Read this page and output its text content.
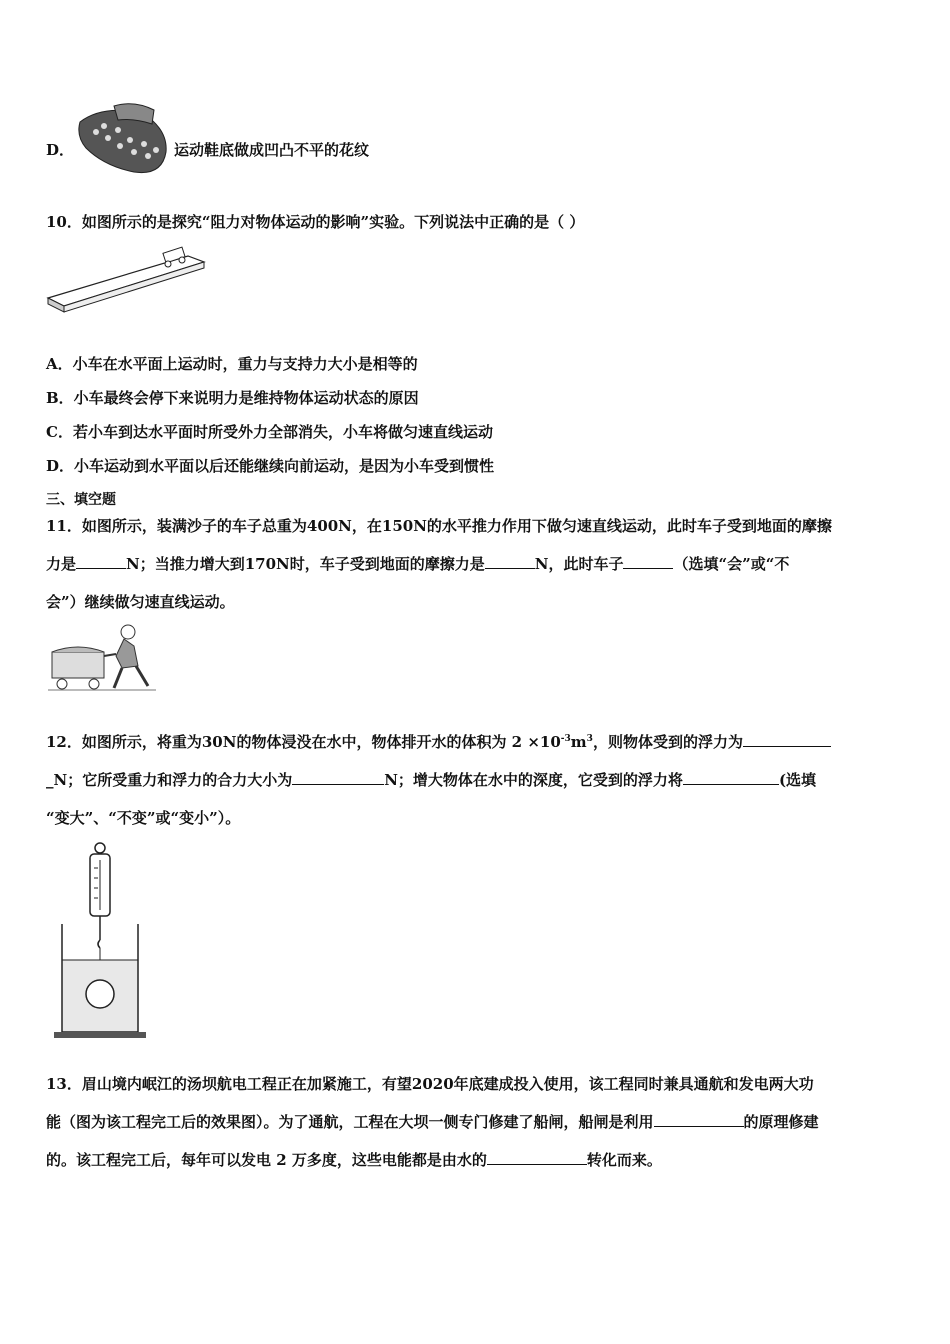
D．	运动鞋底做成凹凸不平的花纹
10．如图所示的是探究“阻力对物体运动的影响”实验。下列说法中正确的是（ ）
A．小车在水平面上运动时，重力与支持力大小是相等的
B．小车最终会停下来说明力是维持物体运动状态的原因
C．若小车到达水平面时所受外力全部消失，小车将做匀速直线运动
D．小车运动到水平面以后还能继续向前运动，是因为小车受到惯性
三、填空题
11．如图所示，装满沙子的车子总重为400N，在150N的水平推力作用下做匀速直线运动，此时车子受到地面的摩擦
力是	N；当推力增大到170N时，车子受到地面的摩擦力是	N，此时车子	（选填“会”或“不
会”）继续做匀速直线运动。
12．如图所示，将重为30N的物体浸没在水中，物体排开水的体积为 $2 \times 10^{-3}m^3$，则物体受到的浮力为
_N；它所受重力和浮力的合力大小为	N；增大物体在水中的深度，它受到的浮力将	(选填
“变大”、“不变”或“变小”）。
13．眉山境内岷江的汤坝航电工程正在加紧施工，有望2020年底建成投入使用，该工程同时兼具通航和发电两大功
能（图为该工程完工后的效果图）。为了通航，工程在大坝一侧专门修建了船闸，船闸是利用	的原理修建
的。该工程完工后，每年可以发电 2 万多度，这些电能都是由水的	转化而来。
